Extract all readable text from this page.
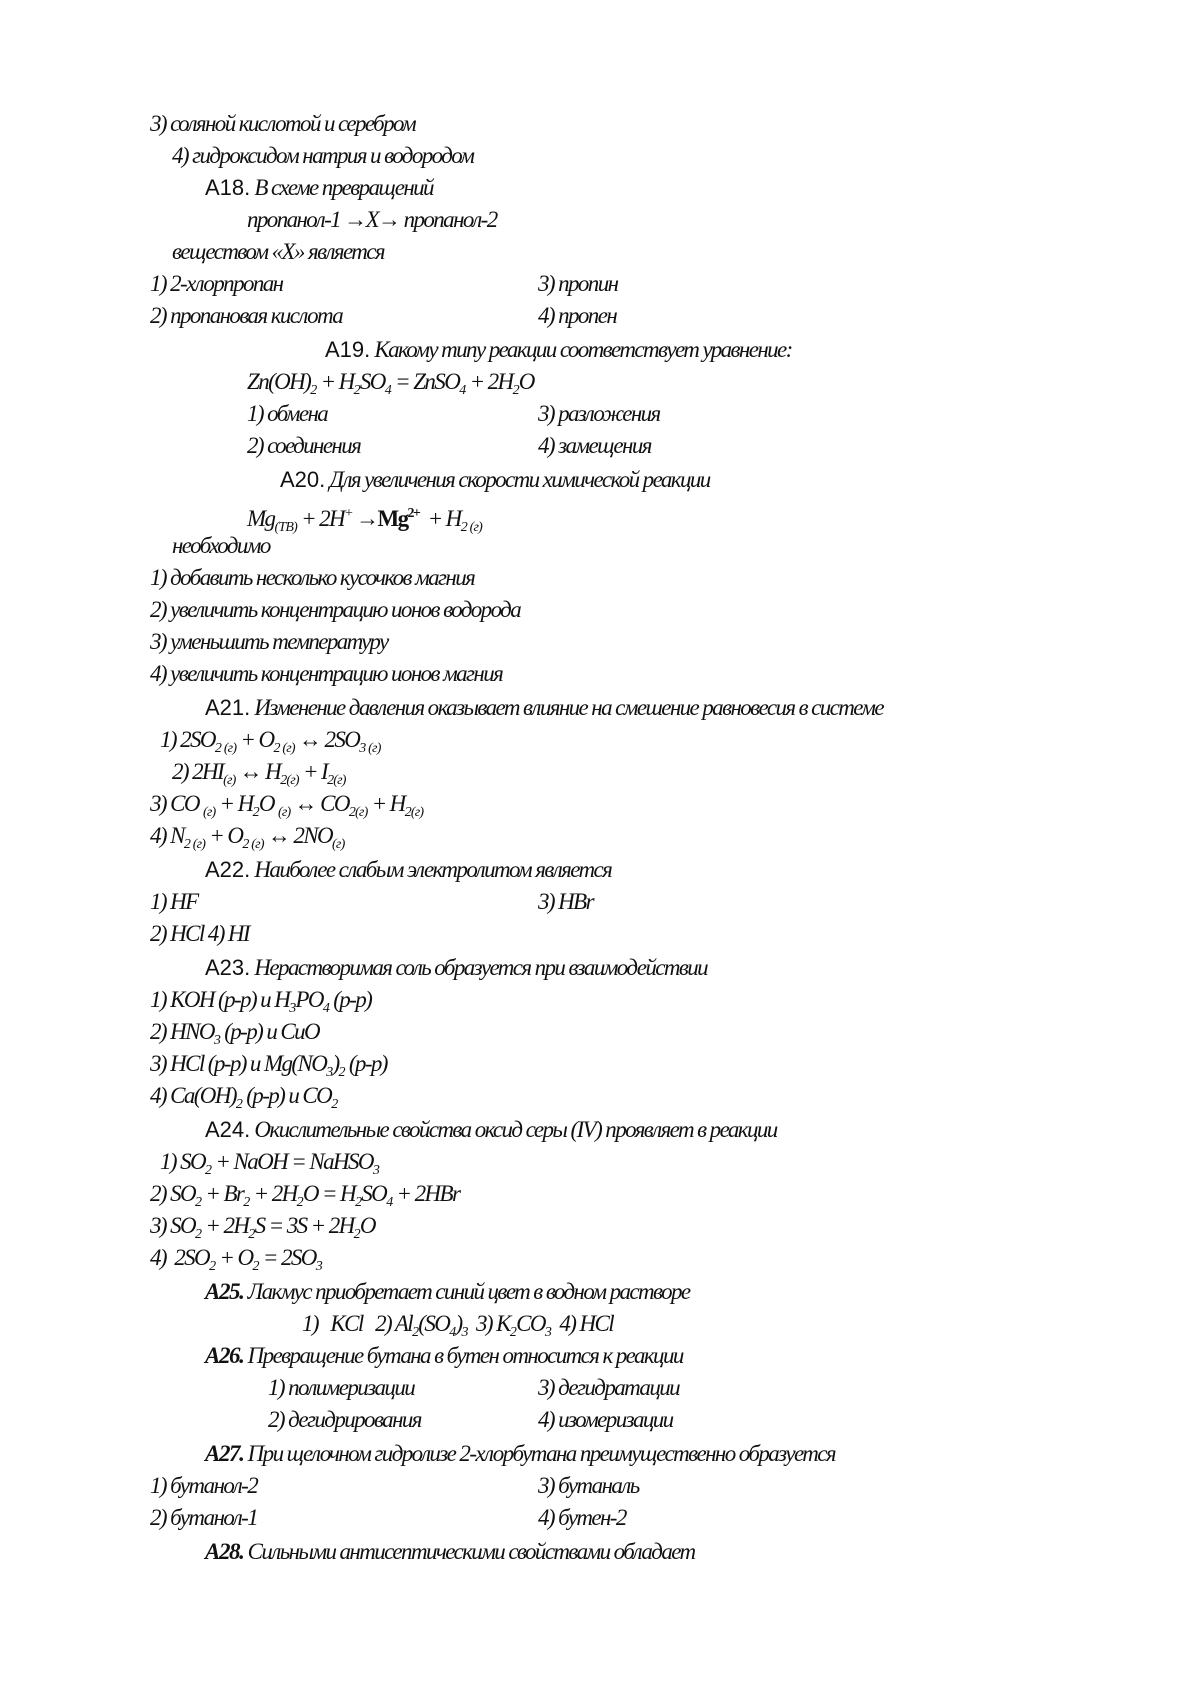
3) соляной кислотой и серебром
4) гидроксидом натрия и водородом
А18. В схеме превращений
пропанол-1 →Х→ пропанол-2
веществом «Х» является
1) 2-хлорпропан	3) пропин
2) пропановая кислота	4) пропен
А19. Какому типу реакции соответствует уравнение:
$Zn(OH)_2 + H_2SO_4$ = ZnSO$_4$ + $2H_2O$
1) обмена	3) разложения
2) соединения	4) замещения
А20. Для увеличения скорости химической реакции
$Mg_{(ТВ)} + 2H^+ \to Mg^{2+} + H_{2 (г)}$
необходимо
1) добавить несколько кусочков магния
2) увеличить концентрацию ионов водорода
3) уменьшить температуру
4) увеличить концентрацию ионов магния
А21. Изменение давления оказывает влияние на смешение равновесия в системе
1) $2SO_{2 (г)} + O_{2 (г)}$ ↔ $2SO_{3 (г)}$
2) $2HI_{(г)}$ ↔ $H_{2(г)} + I_{2(г)}$
3) CO $_{(г)} + H_2O$ $_{(г)}$ ↔ $CO_{2(г)} + H_{2(г)}$
4) $N_{2 (г)} + O_{2 (г)}$ ↔ $2NO_{(г)}$
А22. Наиболее слабым электролитом является
1) HF	3) HBr
2) HCl 4) HI
А23. Нерастворимая соль образуется при взаимодействии
1) KOH (р-р) и $H_3PO_4$ (р-р)
2) $HNO_3$ (р-р) и CuO
3) HCl (р-р) и $Mg(NO_3)_2$ (р-р)
4) $Ca(OH)_2$ (р-р) и $CO_2$
А24. Окислительные свойства оксид серы (IV) проявляет в реакции
1) $SO_2$ + NaOH = NaHSO$_3$
2) $SO_2 + Br_2 + 2H_2O = H_2SO_4 + 2HBr$
3) $SO_2 + 2H_2S = 3S + 2H_2O$
4)  $2SO_2 + O_2 = 2SO_3$
А25. Лакмус приобретает синий цвет в водном растворе
1)   KCl   2) $Al_2(SO_4)_3$  3) $K_2CO_3$  4) HCl
А26. Превращение бутана в бутен относится к реакции
1) полимеризации	3) дегидратации
2) дегидрирования	4) изомеризации
А27. При щелочном гидролизе 2-хлорбутана преимущественно образуется
1) бутанол-2	3) бутаналь
2) бутанол-1	4) бутен-2
А28. Сильными антисептическими свойствами обладает
